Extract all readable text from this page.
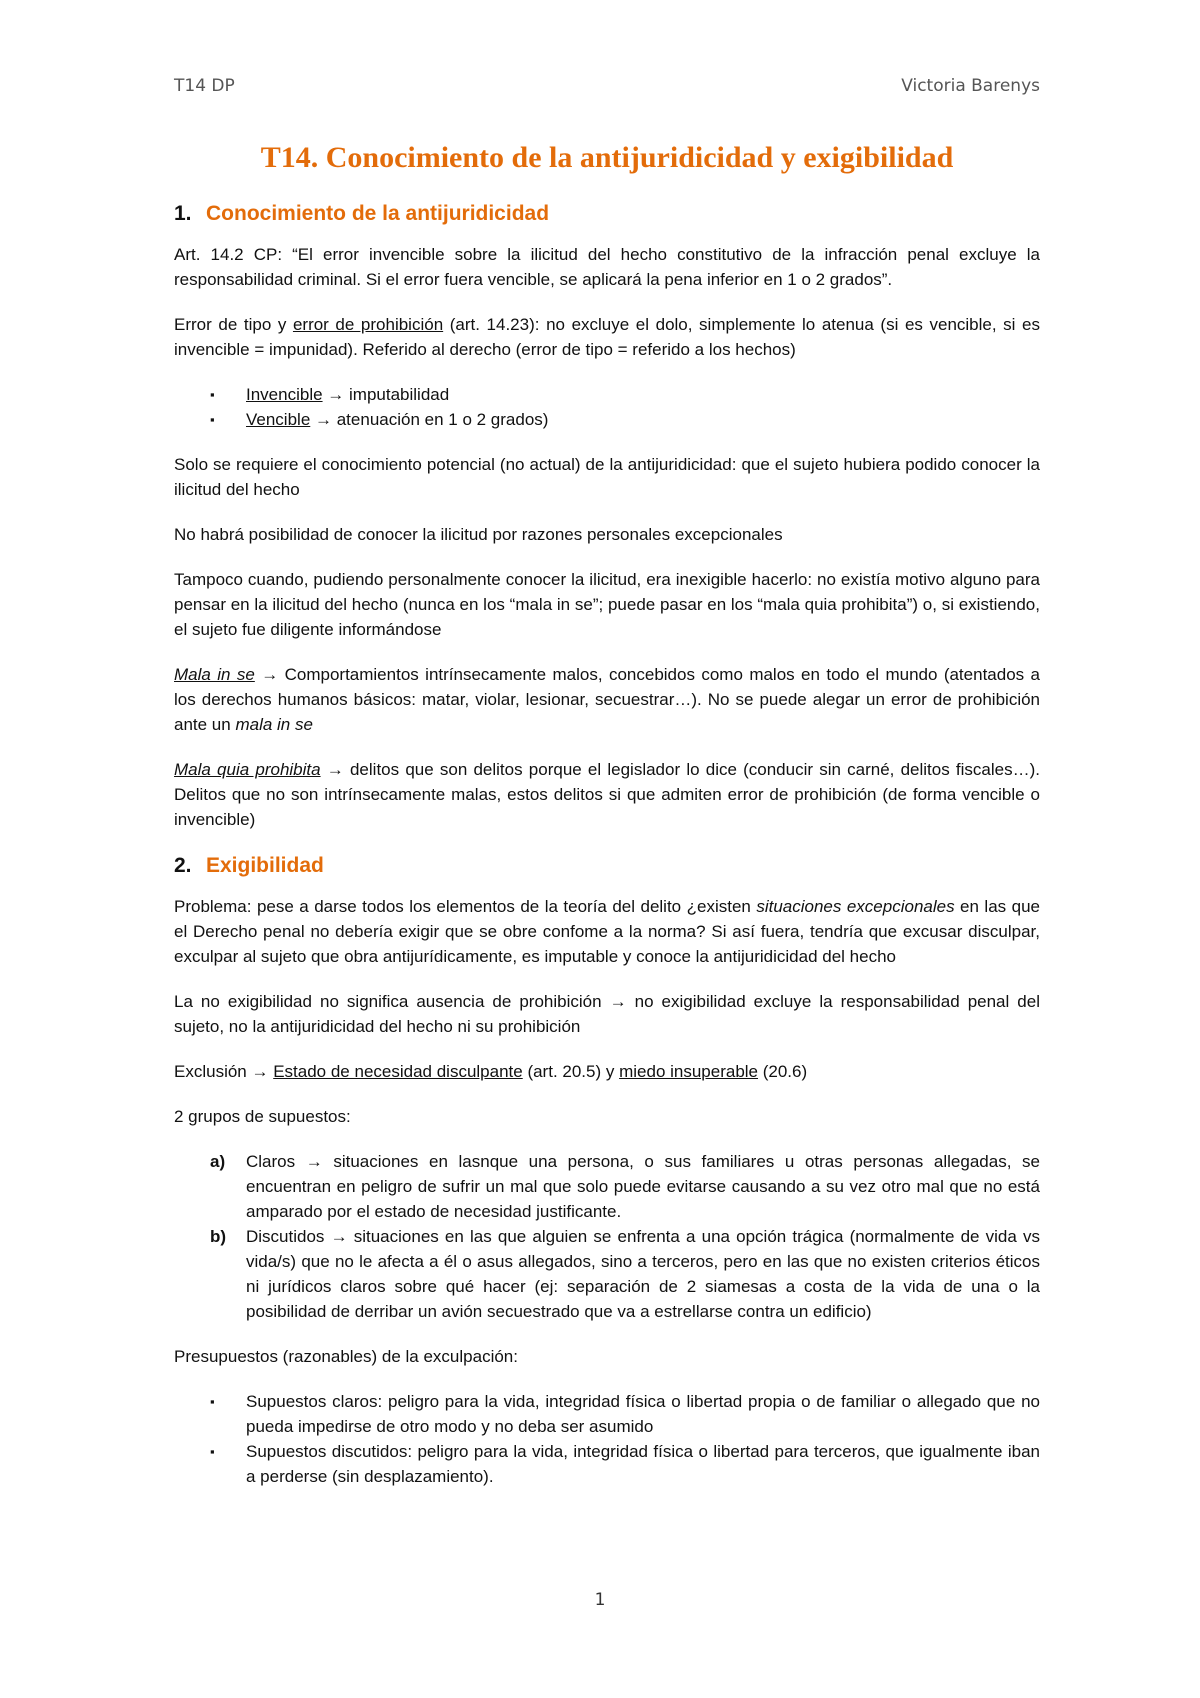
T14 DP	Victoria Barenys
T14. Conocimiento de la antijuridicidad y exigibilidad
1. Conocimiento de la antijuridicidad

Art. 14.2 CP: “El error invencible sobre la ilicitud del hecho constitutivo de la infracción penal excluye la responsabilidad criminal. Si el error fuera vencible, se aplicará la pena inferior en 1 o 2 grados”.

Error de tipo y error de prohibición (art. 14.23): no excluye el dolo, simplemente lo atenua (si es vencible, si es invencible = impunidad). Referido al derecho (error de tipo = referido a los hechos)

▪ Invencible → imputabilidad
▪ Vencible → atenuación en 1 o 2 grados)

Solo se requiere el conocimiento potencial (no actual) de la antijuridicidad: que el sujeto hubiera podido conocer la ilicitud del hecho

No habrá posibilidad de conocer la ilicitud por razones personales excepcionales

Tampoco cuando, pudiendo personalmente conocer la ilicitud, era inexigible hacerlo: no existía motivo alguno para pensar en la ilicitud del hecho (nunca en los “mala in se”; puede pasar en los “mala quia prohibita”) o, si existiendo, el sujeto fue diligente informándose

Mala in se → Comportamientos intrínsecamente malos, concebidos como malos en todo el mundo (atentados a los derechos humanos básicos: matar, violar, lesionar, secuestrar…). No se puede alegar un error de prohibición ante un mala in se

Mala quia prohibita → delitos que son delitos porque el legislador lo dice (conducir sin carné, delitos fiscales…). Delitos que no son intrínsecamente malas, estos delitos si que admiten error de prohibición (de forma vencible o invencible)

2. Exigibilidad

Problema: pese a darse todos los elementos de la teoría del delito ¿existen situaciones excepcionales en las que el Derecho penal no debería exigir que se obre confome a la norma? Si así fuera, tendría que excusar disculpar, exculpar al sujeto que obra antijurídicamente, es imputable y conoce la antijuridicidad del hecho

La no exigibilidad no significa ausencia de prohibición → no exigibilidad excluye la responsabilidad penal del sujeto, no la antijuridicidad del hecho ni su prohibición

Exclusión → Estado de necesidad disculpante (art. 20.5) y miedo insuperable (20.6)

2 grupos de supuestos:

a) Claros → situaciones en lasnque una persona, o sus familiares u otras personas allegadas, se encuentran en peligro de sufrir un mal que solo puede evitarse causando a su vez otro mal que no está amparado por el estado de necesidad justificante.
b) Discutidos → situaciones en las que alguien se enfrenta a una opción trágica (normalmente de vida vs vida/s) que no le afecta a él o asus allegados, sino a terceros, pero en las que no existen criterios éticos ni jurídicos claros sobre qué hacer (ej: separación de 2 siamesas a costa de la vida de una o la posibilidad de derribar un avión secuestrado que va a estrellarse contra un edificio)

Presupuestos (razonables) de la exculpación:

▪ Supuestos claros: peligro para la vida, integridad física o libertad propia o de familiar o allegado que no pueda impedirse de otro modo y no deba ser asumido
▪ Supuestos discutidos: peligro para la vida, integridad física o libertad para terceros, que igualmente iban a perderse (sin desplazamiento).
1
